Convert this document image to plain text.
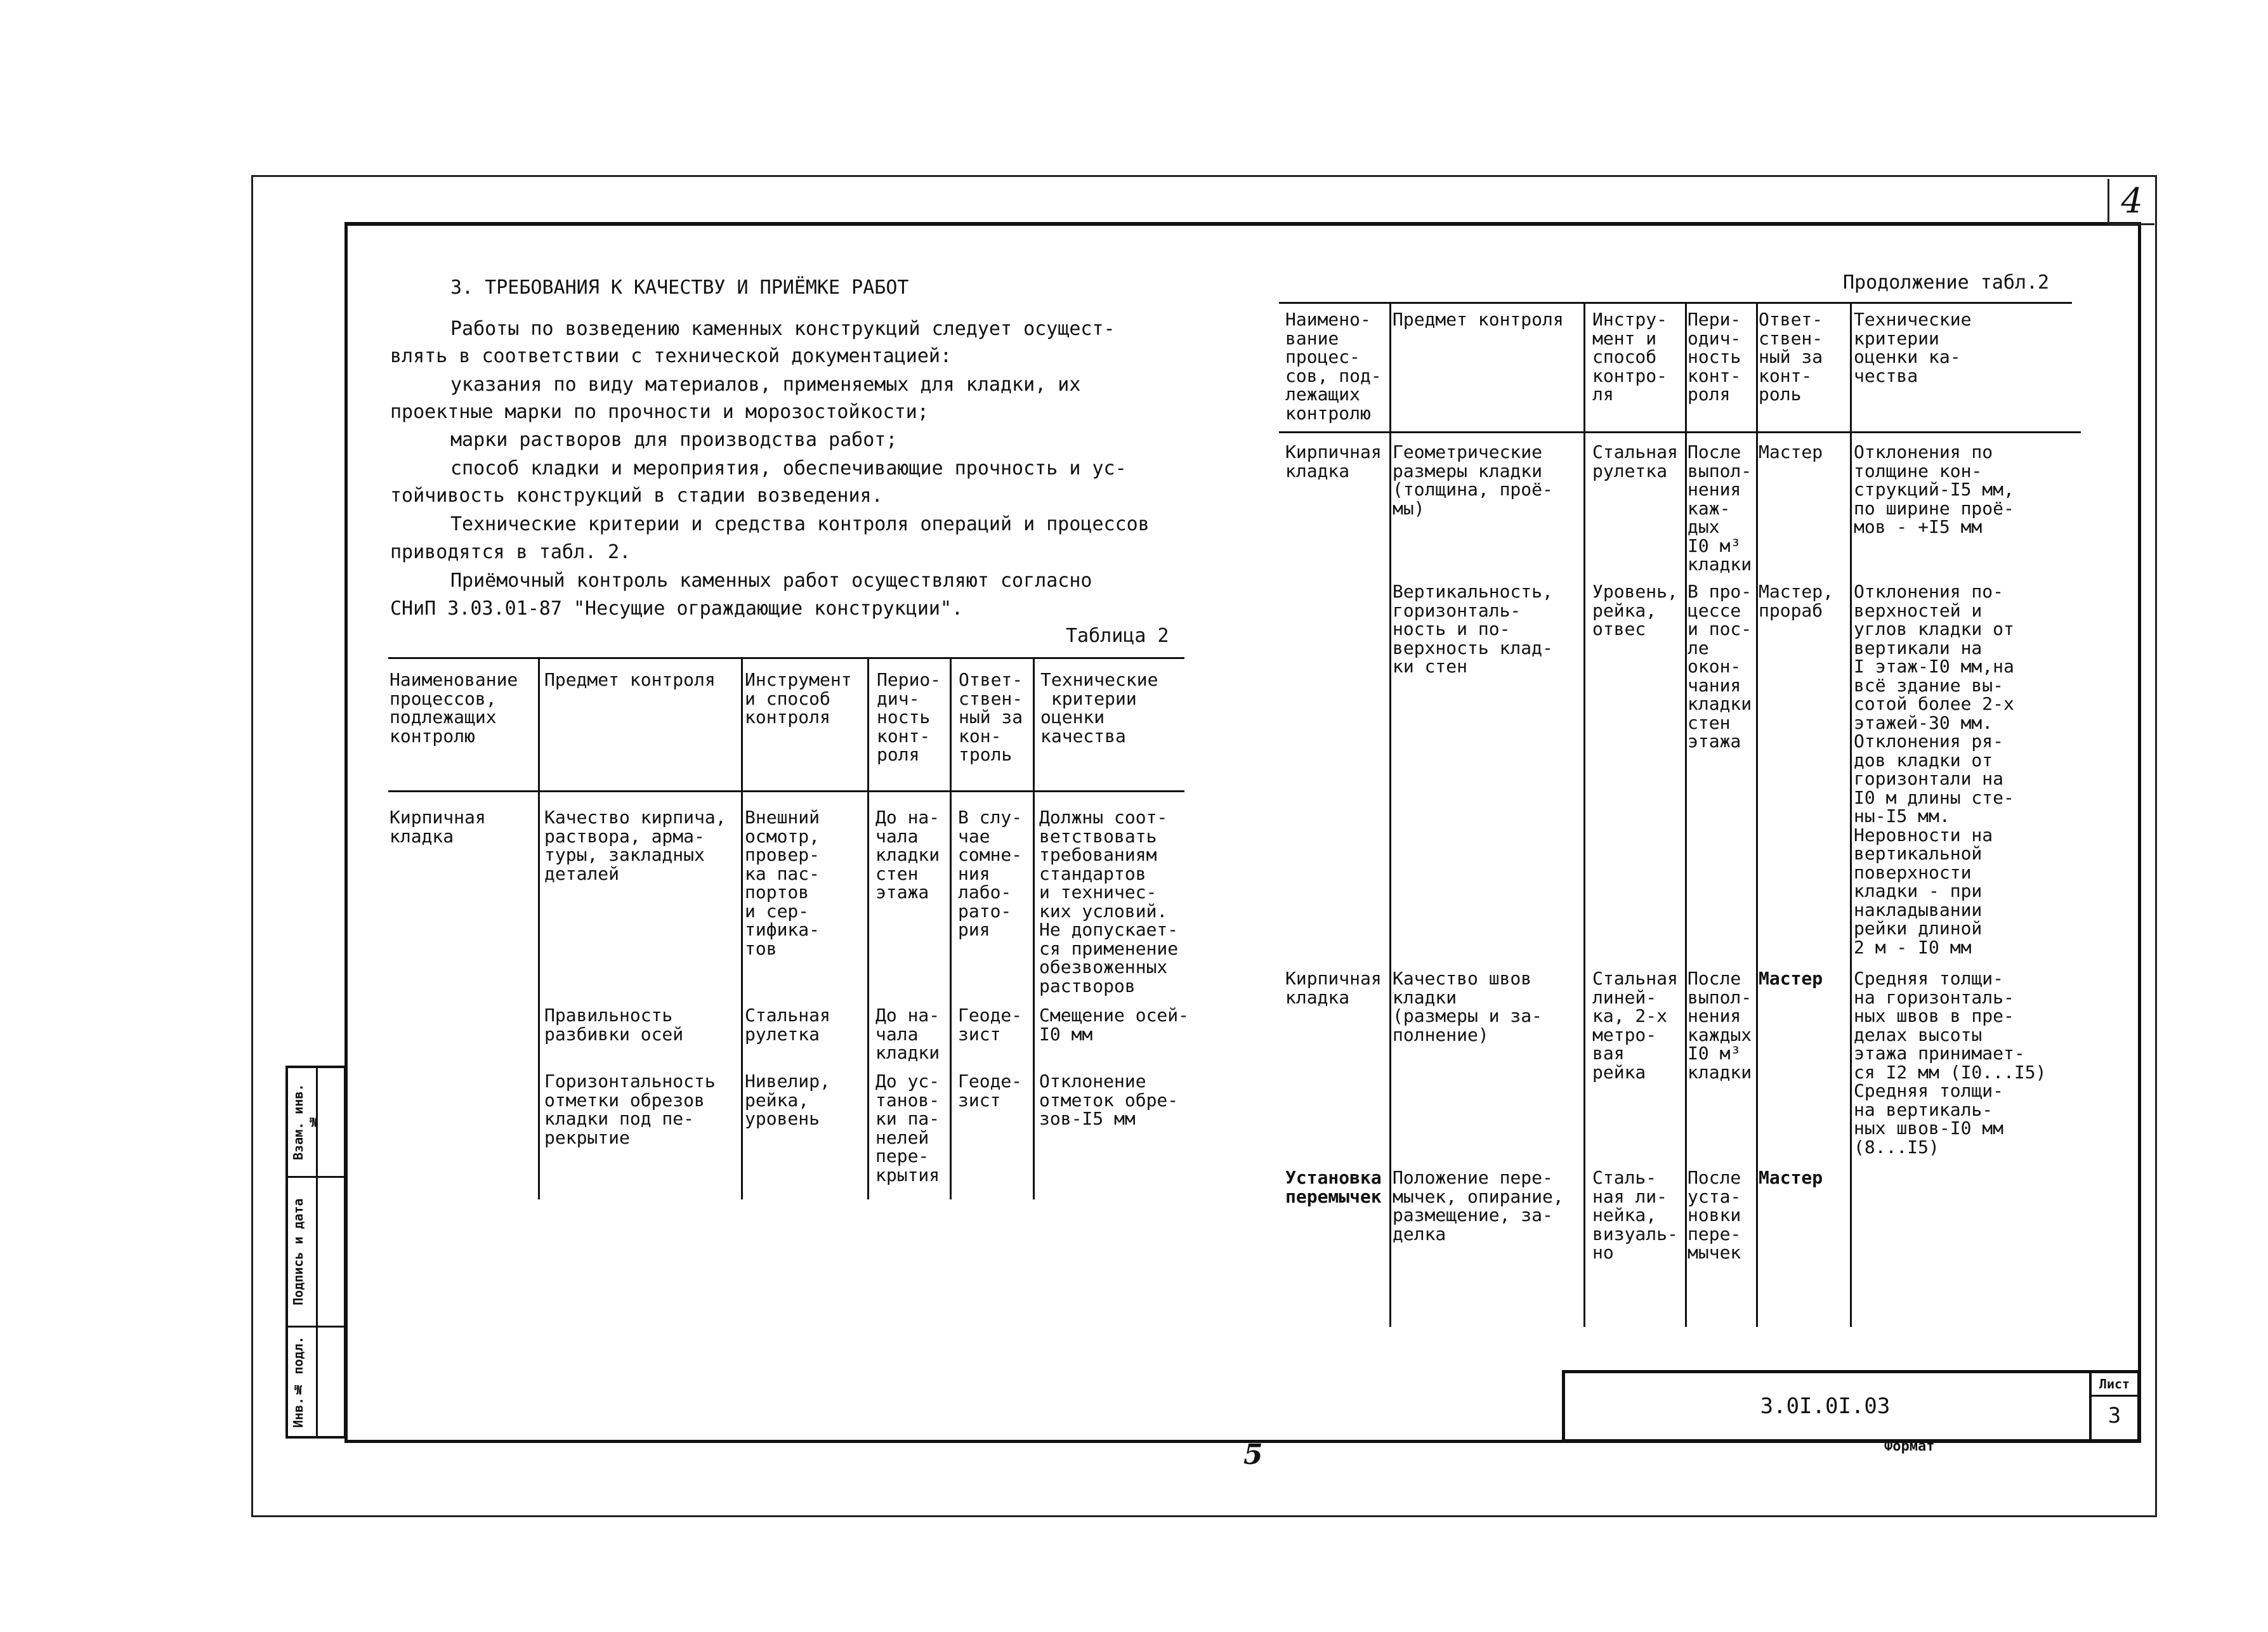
4
Взам. инв. №
Подпись и дата
Инв.№ подл.
3. ТРЕБОВАНИЯ К КАЧЕСТВУ И ПРИЁМКЕ РАБОТ
Работы по возведению каменных конструкций следует осущест-
влять в соответствии с технической документацией:
указания по виду материалов, применяемых для кладки, их
проектные марки по прочности и морозостойкости;
марки растворов для производства работ;
способ кладки и мероприятия, обеспечивающие прочность и ус-
тойчивость конструкций в стадии возведения.
Технические критерии и средства контроля операций и процессов
приводятся в табл. 2.
Приёмочный контроль каменных работ осуществляют согласно
СНиП 3.03.01-87 "Несущие ограждающие конструкции".
Таблица 2
Наименование
процессов,
подлежащих
контролю
Предмет контроля Инструмент
и способ
контроля
Перио-
дич-
ность
конт-
роля
Ответ-
ствен-
ный за
кон-
троль
Технические
критерии
оценки
качества
Кирпичная
кладка
Качество кирпича,
раствора, арма-
туры, закладных
деталей
Внешний
осмотр,
провер-
ка пас-
портов
и сер-
тифика-
тов
До на-
чала
кладки
стен
этажа
В слу-
чае
сомне-
ния
лабо-
рато-
рия
Должны соот-
ветствовать
требованиям
стандартов
и техничес-
ких условий.
Не допускает-
ся применение
обезвоженных
растворов
Правильность
разбивки осей
Стальная
рулетка
До на-
чала
кладки
Геоде-
зист
Смещение осей-
I0 мм
Горизонтальность
отметки обрезов
кладки под пе-
рекрытие
Нивелир,
рейка,
уровень
До ус-
танов-
ки па-
нелей
пере-
крытия
Геоде-
зист
Отклонение
отметок обре-
зов-I5 мм
Продолжение табл.2
Наимено-
вание
процес-
сов, под-
лежащих
контролю
Предмет контроля Инстру-
мент и
способ
контро-
ля
Пери-
одич-
ность
конт-
роля
Ответ-
ствен-
ный за
конт-
роль
Технические
критерии
оценки ка-
чества
Кирпичная
кладка
Геометрические
размеры кладки
(толщина, проё-
мы)
Стальная
рулетка
После
выпол-
нения
каж-
дых
I0 м³
кладки
Мастер Отклонения по
толщине кон-
струкций-I5 мм,
по ширине проё-
мов - +I5 мм
Вертикальность,
горизонталь-
ность и по-
верхность клад-
ки стен
Уровень,
рейка,
отвес
В про-
цессе
и пос-
ле
окон-
чания
кладки
стен
этажа
Мастер,
прораб
Отклонения по-
верхностей и
углов кладки от
вертикали на
I этаж-I0 мм,на
всё здание вы-
сотой более 2-х
этажей-30 мм.
Отклонения ря-
дов кладки от
горизонтали на
I0 м длины сте-
ны-I5 мм.
Неровности на
вертикальной
поверхности
кладки - при
накладывании
рейки длиной
2 м - I0 мм
Кирпичная
кладка
Качество швов
кладки
(размеры и за-
полнение)
Стальная
линей-
ка, 2-х
метро-
вая
рейка
После
выпол-
нения
каждых
I0 м³
кладки
Мастер Средняя толщи-
на горизонталь-
ных швов в пре-
делах высоты
этажа принимает-
ся I2 мм (I0...I5)
Средняя толщи-
на вертикаль-
ных швов-I0 мм
(8...I5)
Установка
перемычек
Положение пере-
мычек, опирание,
размещение, за-
делка
Сталь-
ная ли-
нейка,
визуаль-
но
После
уста-
новки
пере-
мычек
Мастер
3.0I.0I.03
Лист
3
Формат
5
